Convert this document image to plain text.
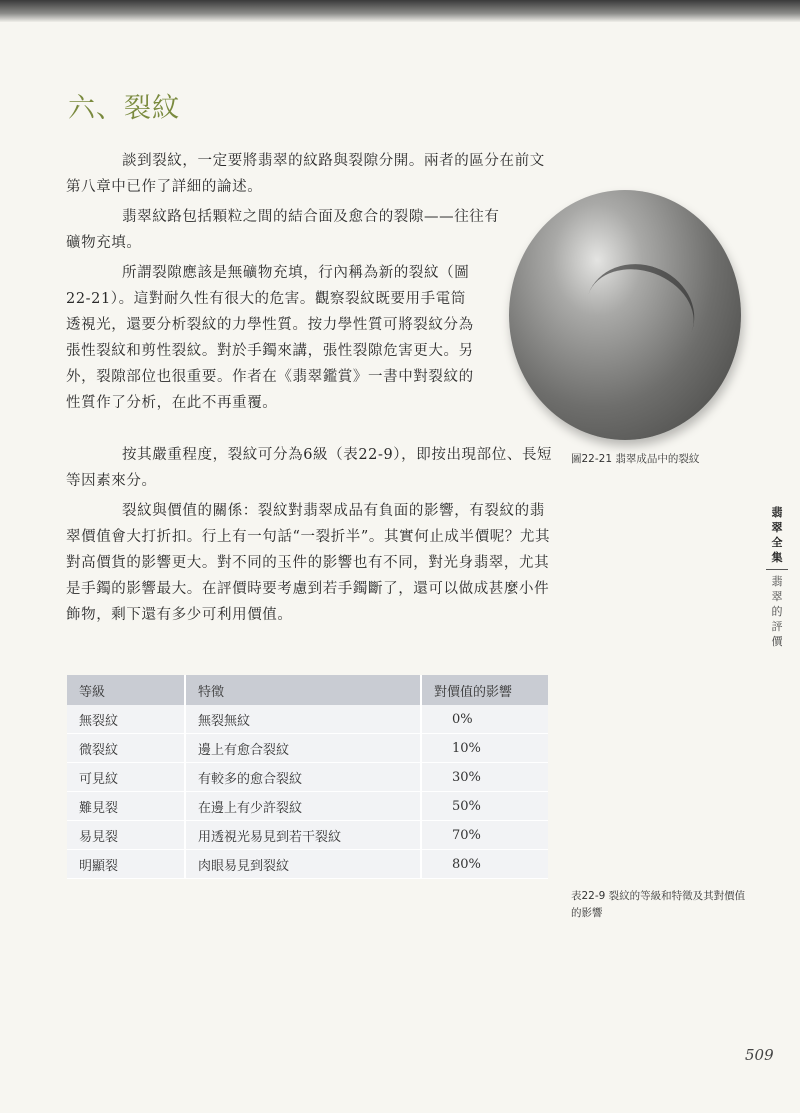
六、裂紋

談到裂紋，一定要將翡翠的紋路與裂隙分開。兩者的區分在前文第八章中已作了詳細的論述。

翡翠紋路包括顆粒之間的結合面及愈合的裂隙——往往有礦物充填。

所謂裂隙應該是無礦物充填，行內稱為新的裂紋（圖22-21）。這對耐久性有很大的危害。觀察裂紋既要用手電筒透視光，還要分析裂紋的力學性質。按力學性質可將裂紋分為張性裂紋和剪性裂紋。對於手鐲來講，張性裂隙危害更大。另外，裂隙部位也很重要。作者在《翡翠鑑賞》一書中對裂紋的性質作了分析，在此不再重覆。

按其嚴重程度，裂紋可分為6級（表22-9），即按出現部位、長短等因素來分。

裂紋與價值的關係：裂紋對翡翠成品有負面的影響，有裂紋的翡翠價值會大打折扣。行上有一句話“一裂折半”。其實何止成半價呢？尤其對高價貨的影響更大。對不同的玉件的影響也有不同，對光身翡翠，尤其是手鐲的影響最大。在評價時要考慮到若手鐲斷了，還可以做成甚麼小件飾物，剩下還有多少可利用價值。

圖22-21 翡翠成品中的裂紋

翡翠全集
翡翠的評價
等級	特徵	對價值的影響
無裂紋	無裂無紋	0%
微裂紋	邊上有愈合裂紋	10%
可見紋	有較多的愈合裂紋	30%
難見裂	在邊上有少許裂紋	50%
易見裂	用透視光易見到若干裂紋	70%
明顯裂	肉眼易見到裂紋	80%

表22-9 裂紋的等級和特徵及其對價值的影響

509
